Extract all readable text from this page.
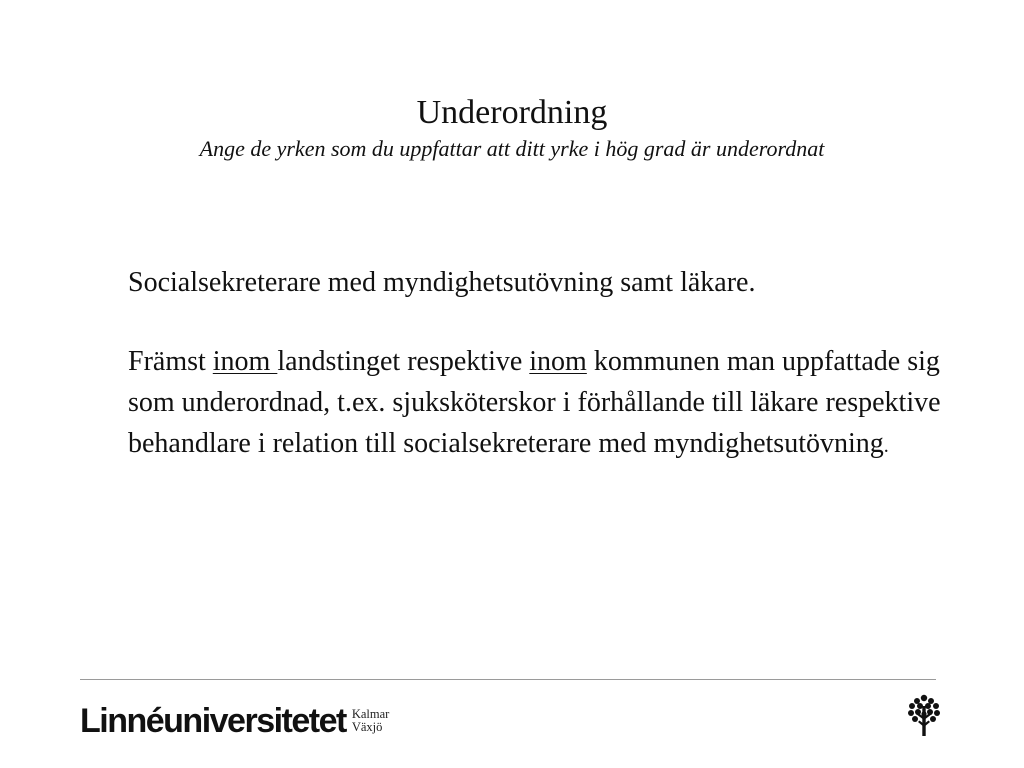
Underordning

Ange de yrken som du uppfattar att ditt yrke i hög grad är underordnat

Socialsekreterare med myndighetsutövning samt läkare.

Främst inom landstinget respektive inom kommunen man uppfattade sig som underordnad, t.ex. sjuksköterskor i förhållande till läkare respektive behandlare i relation till socialsekreterare med myndighetsutövning.

Linnéuniversitetet Kalmar
Växjö
